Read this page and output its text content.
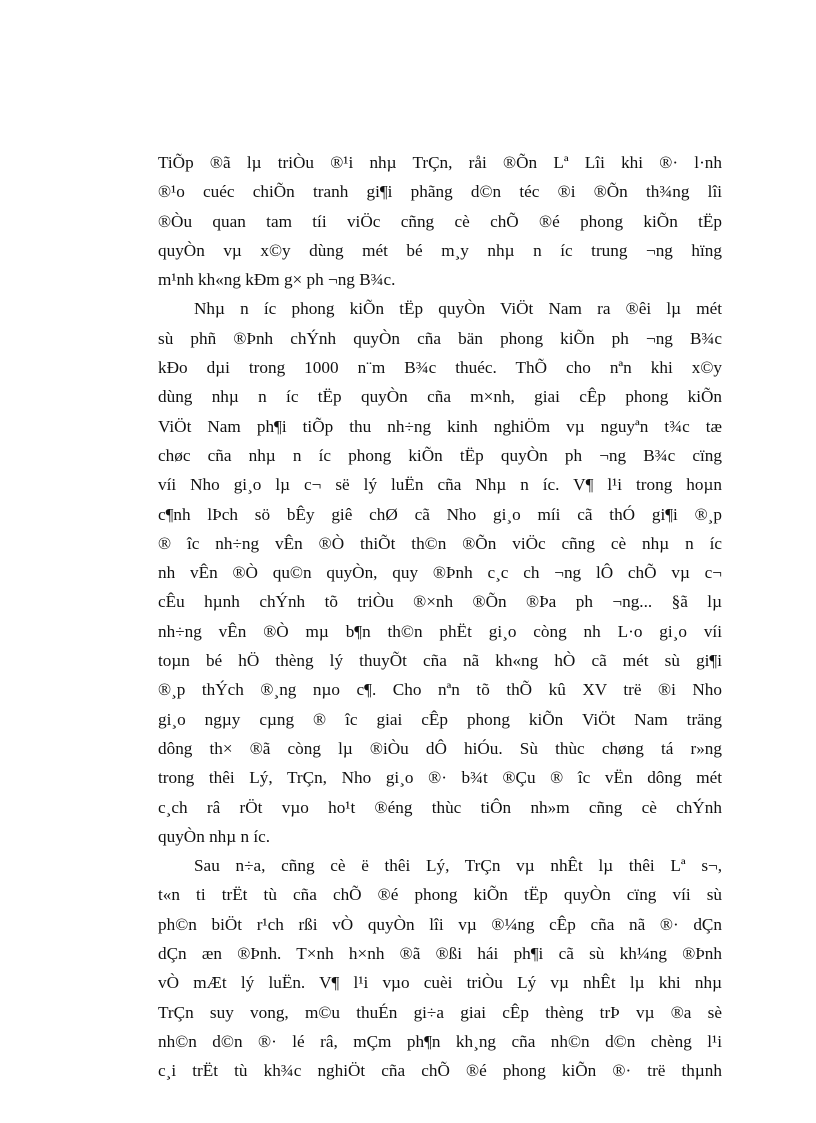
TiÕp ®ã lµ triÒu ®¹i nhµ TrÇn, råi ®Õn Lª Lîi khi ®· l·nh
®¹o cuéc chiÕn tranh gi¶i phãng d©n téc ®i ®Õn th¾ng lîi
®Òu quan tam tíi viÖc cñng cè chÕ ®é phong kiÕn tËp
quyÒn vµ x©y dùng mét bé m¸y nhµ n íc trung ¬ng hïng
m¹nh kh«ng kÐm g× ph ¬ng B¾c.
Nhµ n íc phong kiÕn tËp quyÒn ViÖt Nam ra ®êi lµ mét
sù phñ ®Þnh chÝnh quyÒn cña bän phong kiÕn ph ¬ng B¾c
kÐo dµi trong 1000 n¨m B¾c thuéc. ThÕ cho nªn khi x©y
dùng nhµ n íc tËp quyÒn cña m×nh, giai cÊp phong kiÕn
ViÖt Nam ph¶i tiÕp thu nh÷ng kinh nghiÖm vµ nguyªn t¾c tæ
chøc cña nhµ n íc phong kiÕn tËp quyÒn ph ¬ng B¾c cïng
víi Nho gi¸o lµ c¬ së lý luËn cña Nhµ n íc. V¶ l¹i trong hoµn
c¶nh lÞch sö bÊy giê chØ cã Nho gi¸o míi cã thÓ gi¶i ®¸p
® îc nh÷ng vÊn ®Ò thiÕt th©n ®Õn viÖc cñng cè nhµ n íc
nh vÊn ®Ò qu©n quyÒn, quy ®Þnh c¸c ch ¬ng lÔ chÕ vµ c¬
cÊu hµnh chÝnh tõ triÒu ®×nh ®Õn ®Þa ph ¬ng... §ã lµ
nh÷ng vÊn ®Ò mµ b¶n th©n phËt gi¸o còng nh L·o gi¸o víi
toµn bé hÖ thèng lý thuyÕt cña nã kh«ng hÒ cã mét sù gi¶i
®¸p thÝch ®¸ng nµo c¶. Cho nªn tõ thÕ kû XV trë ®i Nho
gi¸o ngµy cµng ® îc giai cÊp phong kiÕn ViÖt Nam träng
dông th× ®ã còng lµ ®iÒu dÔ hiÓu. Sù thùc chøng tá r»ng
trong thêi Lý, TrÇn, Nho gi¸o ®· b¾t ®Çu ® îc vËn dông mét
c¸ch râ rÖt vµo ho¹t ®éng thùc tiÔn nh»m cñng cè chÝnh
quyÒn nhµ n íc.
Sau n÷a, cñng cè ë thêi Lý, TrÇn vµ nhÊt lµ thêi Lª s¬,
t«n ti trËt tù cña chÕ ®é phong kiÕn tËp quyÒn cïng víi sù
ph©n biÖt r¹ch rßi vÒ quyÒn lîi vµ ®¼ng cÊp cña nã ®· dÇn
dÇn æn ®Þnh. T×nh h×nh ®ã ®ßi hái ph¶i cã sù kh¼ng ®Þnh
vÒ mÆt lý luËn. V¶ l¹i vµo cuèi triÒu Lý vµ nhÊt lµ khi nhµ
TrÇn suy vong, m©u thuÉn gi÷a giai cÊp thèng trÞ vµ ®a sè
nh©n d©n ®· lé râ, mÇm ph¶n kh¸ng cña nh©n d©n chèng l¹i
c¸i trËt tù kh¾c nghiÖt cña chÕ ®é phong kiÕn ®· trë thµnh
